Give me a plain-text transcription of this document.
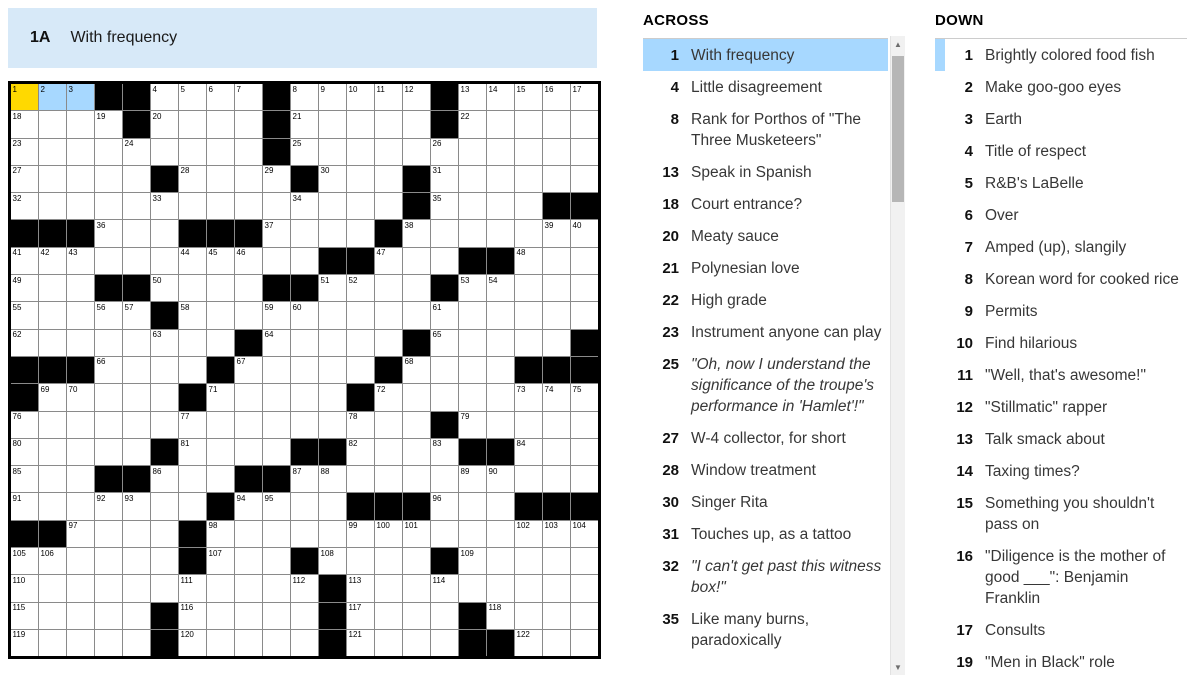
1A With frequency
1	2	3	4	5	6	7	8	9	10 11 12	13 14 15 16 17
18	19	20	21	22
23	24	25	26
27	28	29	30	31
32	33	34	35
36	37	38	39 40
41 42 43	44 45 46	47	48
49	50	51 52	53 54
55	56 57	58	59 60	61
62	63	64	65
66	67	68
69 70	71	72	73 74 75
76	77	78	79
80	81	82	83	84
85	86	87 88	89 90
91	92 93	94 95	96
97	98	99 100 101	102 103 104
105 106	107	108	109
110	111	112	113	114
115	116	117	118
119	120	121	122
ACROSS
1 With frequency
4 Little disagreement
8 Rank for Porthos of "The Three Musketeers"
13 Speak in Spanish
18 Court entrance?
20 Meaty sauce
21 Polynesian love
22 High grade
23 Instrument anyone can play
25 "Oh, now I understand the significance of the troupe's performance in 'Hamlet'!"
27 W-4 collector, for short
28 Window treatment
30 Singer Rita
31 Touches up, as a tattoo
32 "I can't get past this witness box!"
35 Like many burns, paradoxically
▲
▼
DOWN
1 Brightly colored food fish
2 Make goo-goo eyes
3 Earth
4 Title of respect
5 R&B's LaBelle
6 Over
7 Amped (up), slangily
8 Korean word for cooked rice
9 Permits
10 Find hilarious
11 "Well, that's awesome!"
12 "Stillmatic" rapper
13 Talk smack about
14 Taxing times?
15 Something you shouldn't pass on
16 "Diligence is the mother of good ___": Benjamin Franklin
17 Consults
19 "Men in Black" role
